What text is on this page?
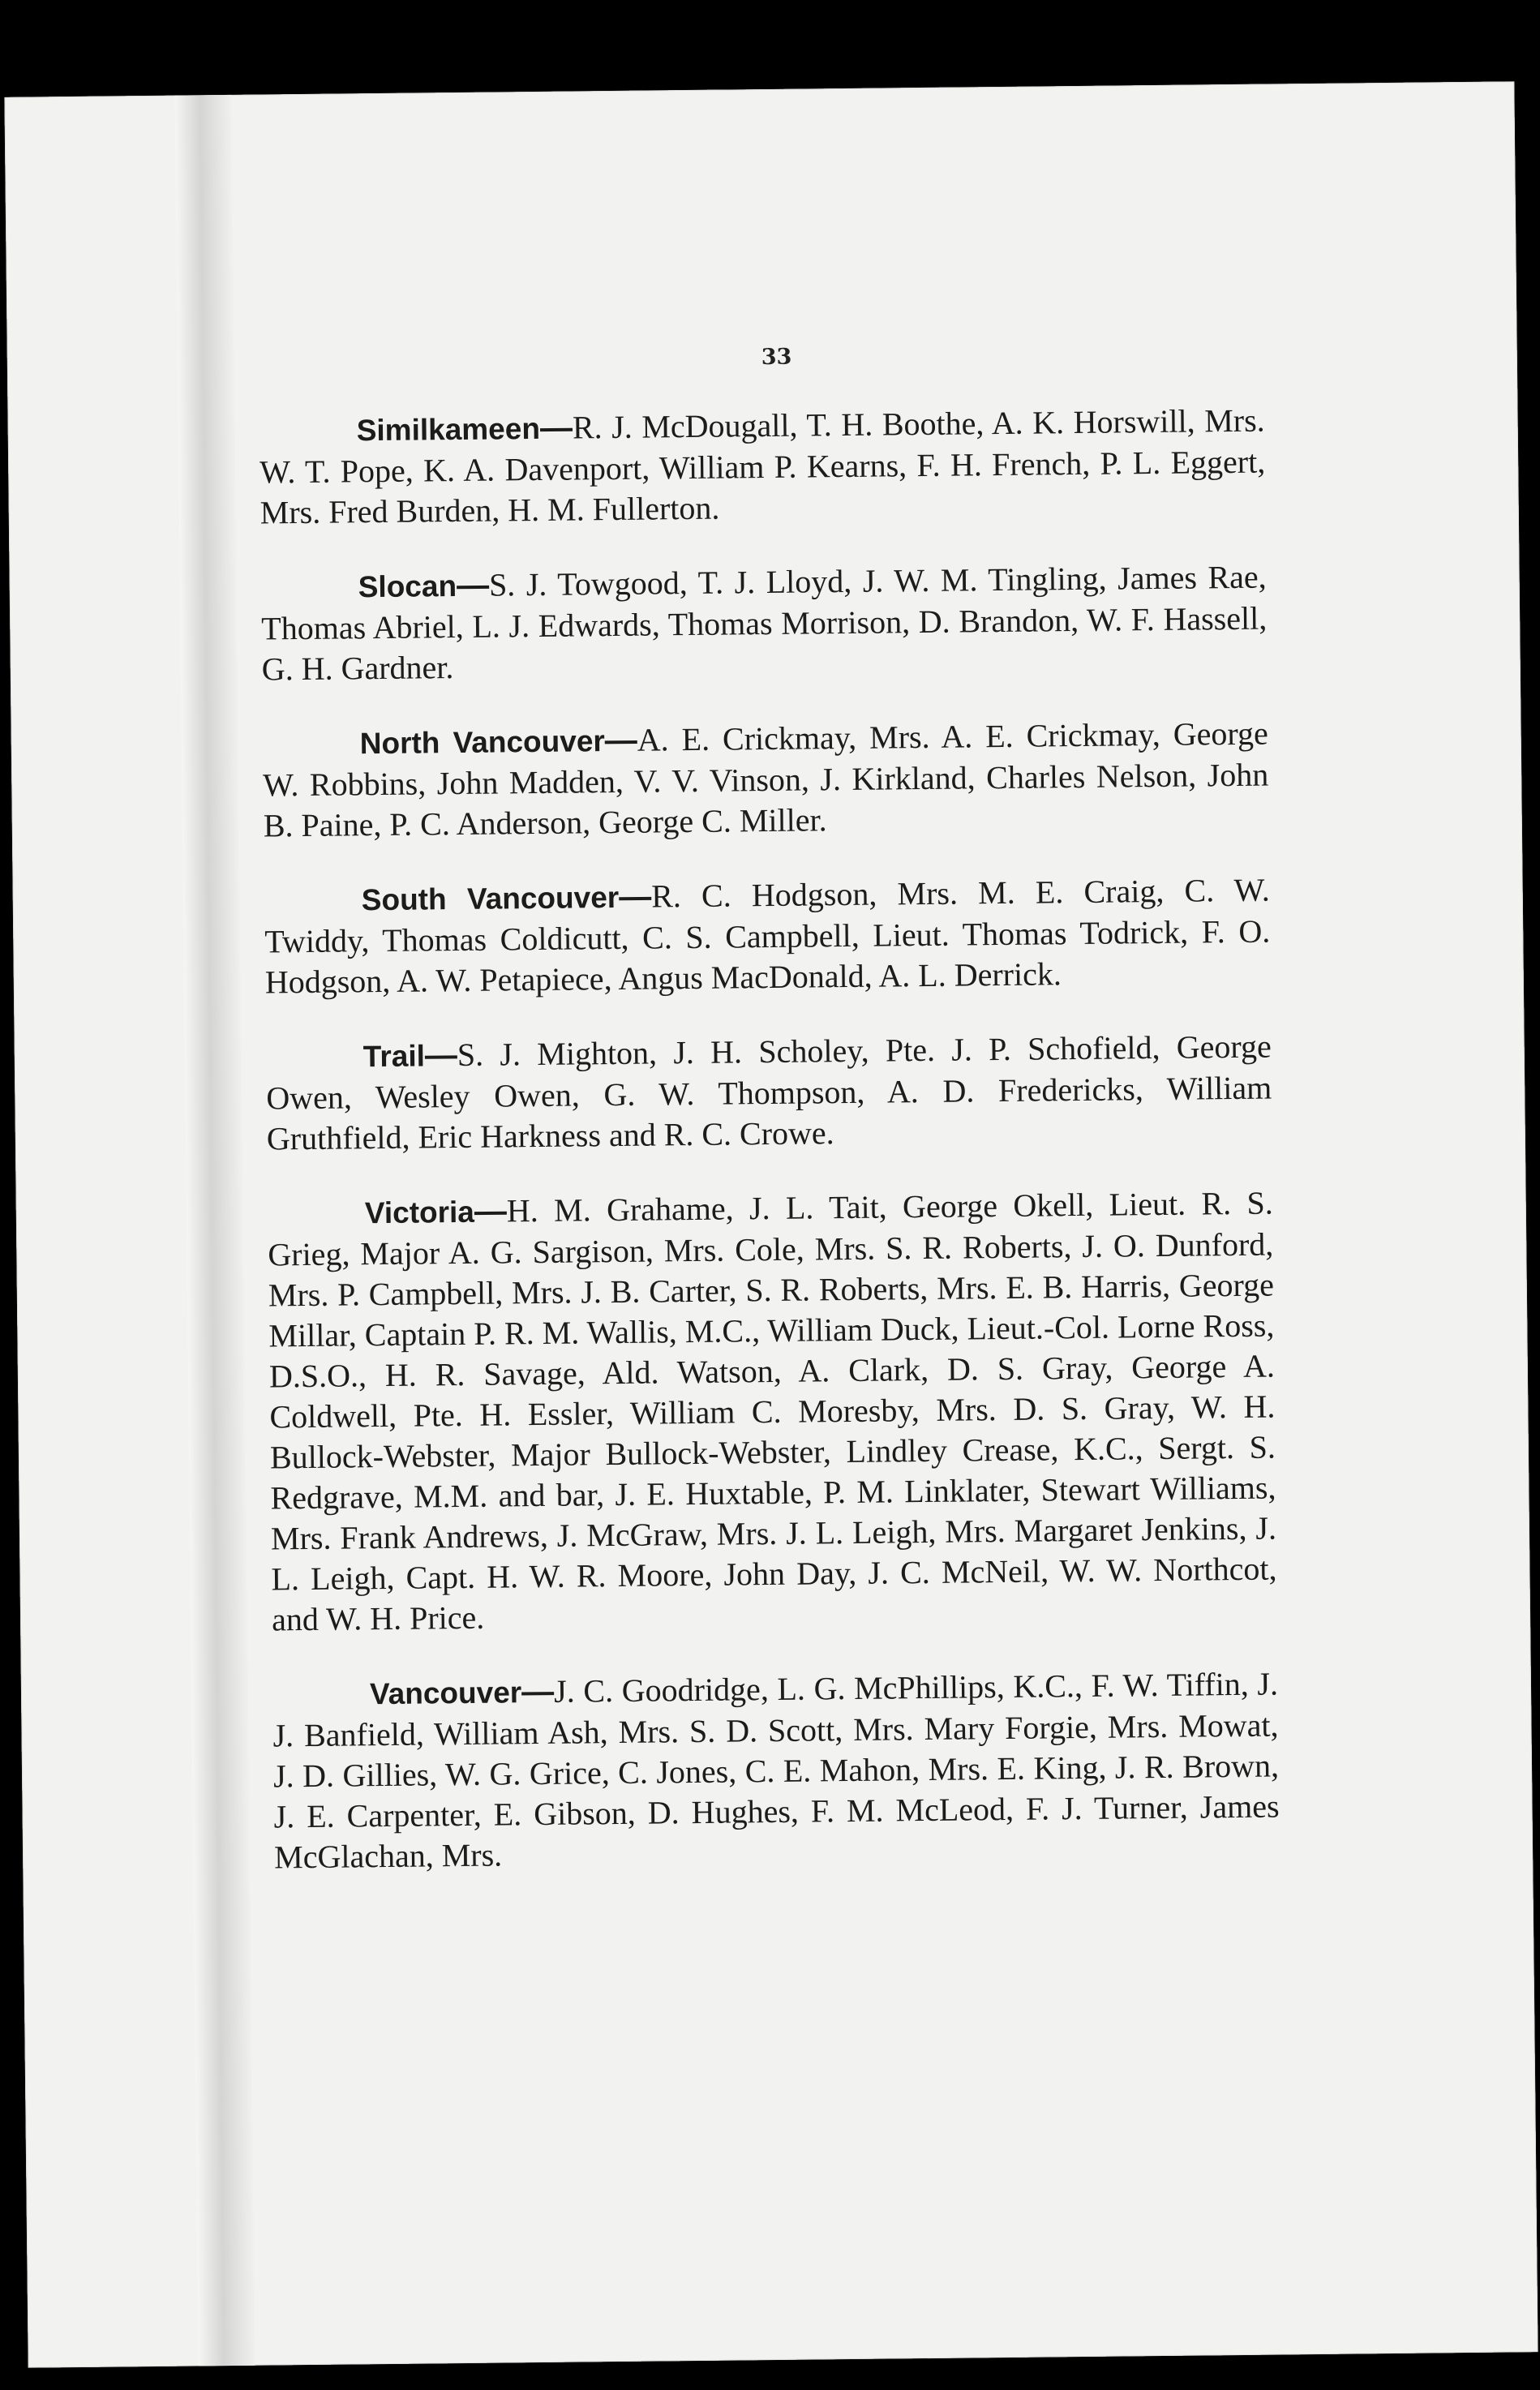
33

Similkameen—R. J. McDougall, T. H. Boothe, A. K. Horswill, Mrs. W. T. Pope, K. A. Davenport, William P. Kearns, F. H. French, P. L. Eggert, Mrs. Fred Burden, H. M. Fullerton.

Slocan—S. J. Towgood, T. J. Lloyd, J. W. M. Tingling, James Rae, Thomas Abriel, L. J. Edwards, Thomas Morrison, D. Brandon, W. F. Hassell, G. H. Gardner.

North Vancouver—A. E. Crickmay, Mrs. A. E. Crickmay, George W. Robbins, John Madden, V. V. Vinson, J. Kirkland, Charles Nelson, John B. Paine, P. C. Anderson, George C. Miller.

South Vancouver—R. C. Hodgson, Mrs. M. E. Craig, C. W. Twiddy, Thomas Coldicutt, C. S. Campbell, Lieut. Thomas Todrick, F. O. Hodgson, A. W. Petapiece, Angus MacDonald, A. L. Derrick.

Trail—S. J. Mighton, J. H. Scholey, Pte. J. P. Schofield, George Owen, Wesley Owen, G. W. Thompson, A. D. Fredericks, William Gruthfield, Eric Harkness and R. C. Crowe.

Victoria—H. M. Grahame, J. L. Tait, George Okell, Lieut. R. S. Grieg, Major A. G. Sargison, Mrs. Cole, Mrs. S. R. Roberts, J. O. Dunford, Mrs. P. Campbell, Mrs. J. B. Carter, S. R. Roberts, Mrs. E. B. Harris, George Millar, Captain P. R. M. Wallis, M.C., William Duck, Lieut.-Col. Lorne Ross, D.S.O., H. R. Savage, Ald. Watson, A. Clark, D. S. Gray, George A. Coldwell, Pte. H. Essler, William C. Moresby, Mrs. D. S. Gray, W. H. Bullock-Webster, Major Bullock-Webster, Lindley Crease, K.C., Sergt. S. Redgrave, M.M. and bar, J. E. Huxtable, P. M. Linklater, Stewart Williams, Mrs. Frank Andrews, J. McGraw, Mrs. J. L. Leigh, Mrs. Margaret Jenkins, J. L. Leigh, Capt. H. W. R. Moore, John Day, J. C. McNeil, W. W. Northcot, and W. H. Price.

Vancouver—J. C. Goodridge, L. G. McPhillips, K.C., F. W. Tiffin, J. J. Banfield, William Ash, Mrs. S. D. Scott, Mrs. Mary Forgie, Mrs. Mowat, J. D. Gillies, W. G. Grice, C. Jones, C. E. Mahon, Mrs. E. King, J. R. Brown, J. E. Carpenter, E. Gibson, D. Hughes, F. M. McLeod, F. J. Turner, James McGlachan, Mrs.
